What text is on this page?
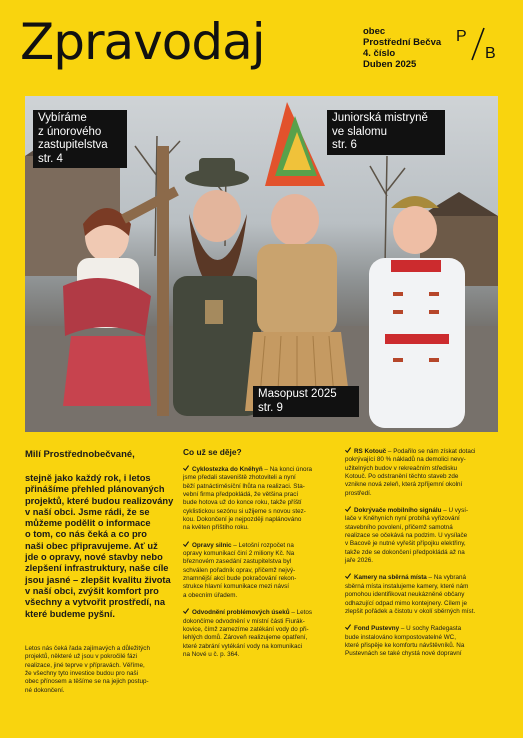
Zpravodaj	obec
Prostřední Bečva
4. číslo
Duben 2025
P
B
Vybíráme
z únorového
zastupitelstva
str. 4
Juniorská mistryně
ve slalomu
str. 6
Masopust 2025
str. 9
Milí Prostřednobečvané,
stejně jako každý rok, i letos
přinášíme přehled plánovaných
projektů, které budou realizovány
v naší obci. Jsme rádi, že se
můžeme podělit o informace
o tom, co nás čeká a co pro
naši obec připravujeme. Ať už
jde o opravy, nové stavby nebo
zlepšení infrastruktury, naše cíle
jsou jasné – zlepšit kvalitu života
v naší obci, zvýšit komfort pro
všechny a vytvořit prostředí, na
které budeme pyšní.
Letos nás čeká řada zajímavých a důležitých
projektů, některé už jsou v pokročilé fázi
realizace, jiné teprve v přípravách. Věříme,
že všechny tyto investice budou pro naši
obec přínosem a těšíme se na jejich postup-
né dokončení.
Co už se děje?
Cyklostezka do Kněhyň – Na konci února
jsme předali staveniště zhotoviteli a nyní
běží patnáctiměsíční lhůta na realizaci. Sta-
vební firma předpokládá, že většina prací
bude hotova už do konce roku, takže příští
cyklistickou sezónu si užijeme s novou stez-
kou. Dokončení je nejpozději naplánováno
na květen příštího roku.
Opravy silnic – Letošní rozpočet na
opravy komunikací činí 2 miliony Kč. Na
březnovém zasedání zastupitelstva byl
schválen pořadník oprav, přičemž nejvý-
znamnější akcí bude pokračování rekon-
strukce hlavní komunikace mezi návsí
a obecním úřadem.
Odvodnění problémových úseků – Letos
dokončíme odvodnění v místní části Fiurák-
kovice, čímž zamezíme zatékání vody do při-
lehlých domů. Zároveň realizujeme opatření,
které zabrání vytékání vody na komunikaci
na Nové u č. p. 364.
RS Kotouč – Podařilo se nám získat dotaci
pokrývající 80 % nákladů na demolici nevy-
užitelných budov v rekreačním středisku
Kotouč. Po odstranění těchto staveb zde
vznikne nová zeleň, která zpříjemní okolní
prostředí.
Dokrývače mobilního signálu – U vysí-
lače v Kněhyních nyní probíhá vyřizování
stavebního povolení, přičemž samotná
realizace se očekává na podzim. U vysílače
v Bacově je nutné vyřešit přípojku elektřiny,
takže zde se dokončení předpokládá až na
jaře 2026.
Kamery na sběrná místa – Na vybraná
sběrná místa instalujeme kamery, které nám
pomohou identifikovat neukázněné občany
odhazující odpad mimo kontejnery. Cílem je
zlepšit pořádek a čistotu v okolí sběrných míst.
Fond Pustevny – U sochy Radegasta
bude instalováno kompostovatelné WC,
které přispěje ke komfortu návštěvníků. Na
Pustevnách se také chystá nové dopravní
